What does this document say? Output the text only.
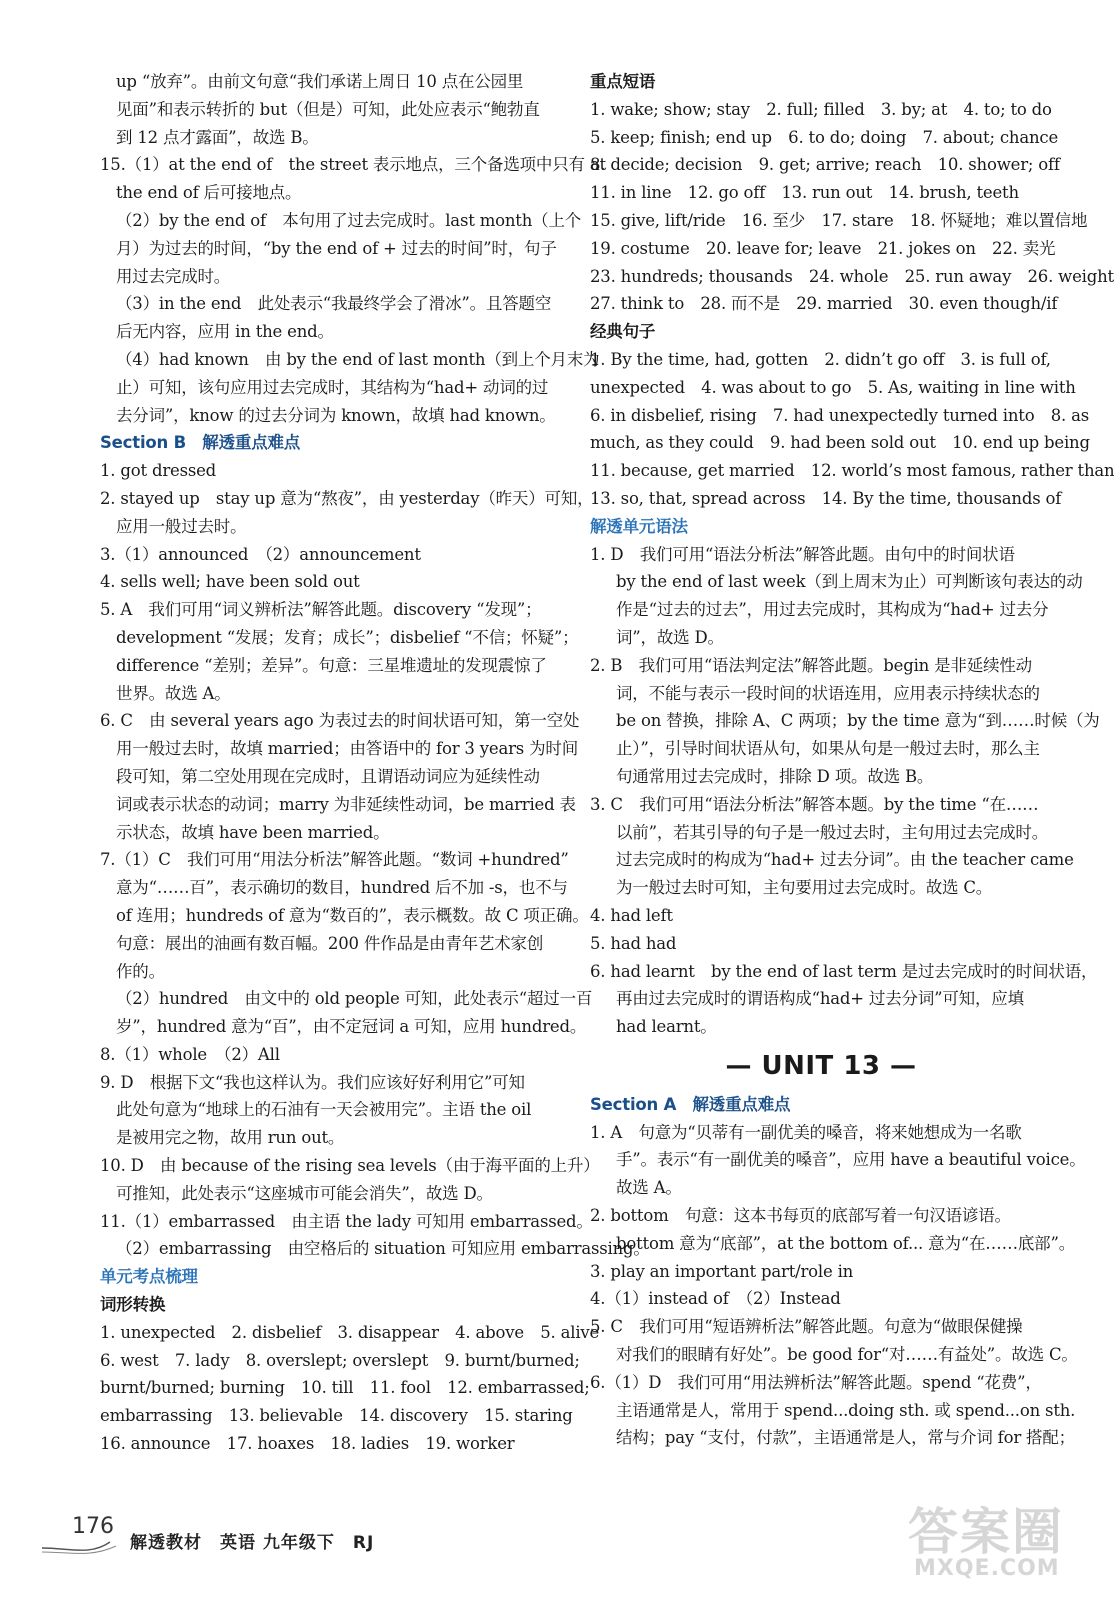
up “放弃”。由前文句意“我们承诺上周日 10 点在公园里
见面”和表示转折的 but（但是）可知，此处应表示“鲍勃直
到 12 点才露面”，故选 B。
15.（1）at the end of　the street 表示地点，三个备选项中只有 at
the end of 后可接地点。
（2）by the end of　本句用了过去完成时。last month（上个
月）为过去的时间，“by the end of + 过去的时间”时，句子
用过去完成时。
（3）in the end　此处表示“我最终学会了滑冰”。且答题空
后无内容，应用 in the end。
（4）had known　由 by the end of last month（到上个月末为
止）可知，该句应用过去完成时，其结构为“had+ 动词的过
去分词”，know 的过去分词为 known，故填 had known。
Section B　解透重点难点
1. got dressed
2. stayed up　stay up 意为“熬夜”，由 yesterday（昨天）可知，
应用一般过去时。
3.（1）announced　（2）announcement
4. sells well; have been sold out
5. A　我们可用“词义辨析法”解答此题。discovery “发现”；
development “发展；发育；成长”；disbelief “不信；怀疑”；
difference “差别；差异”。句意：三星堆遗址的发现震惊了
世界。故选 A。
6. C　由 several years ago 为表过去的时间状语可知，第一空处
用一般过去时，故填 married；由答语中的 for 3 years 为时间
段可知，第二空处用现在完成时，且谓语动词应为延续性动
词或表示状态的动词；marry 为非延续性动词，be married 表
示状态，故填 have been married。
7.（1）C　我们可用“用法分析法”解答此题。“数词 +hundred”
意为“……百”，表示确切的数目，hundred 后不加 -s，也不与
of 连用；hundreds of 意为“数百的”，表示概数。故 C 项正确。
句意：展出的油画有数百幅。200 件作品是由青年艺术家创
作的。
（2）hundred　由文中的 old people 可知，此处表示“超过一百
岁”，hundred 意为“百”，由不定冠词 a 可知，应用 hundred。
8.（1）whole　（2）All
9. D　根据下文“我也这样认为。我们应该好好利用它”可知
此处句意为“地球上的石油有一天会被用完”。主语 the oil
是被用完之物，故用 run out。
10. D　由 because of the rising sea levels（由于海平面的上升）
可推知，此处表示“这座城市可能会消失”，故选 D。
11.（1）embarrassed　由主语 the lady 可知用 embarrassed。
（2）embarrassing　由空格后的 situation 可知应用 embarrassing。
单元考点梳理
词形转换
1. unexpected　2. disbelief　3. disappear　4. above　5. alive
6. west　7. lady　8. overslept; overslept　9. burnt/burned;
burnt/burned; burning　10. till　11. fool　12. embarrassed;
embarrassing　13. believable　14. discovery　15. staring
16. announce　17. hoaxes　18. ladies　19. worker
重点短语
1. wake; show; stay　2. full; filled　3. by; at　4. to; to do
5. keep; finish; end up　6. to do; doing　7. about; chance
8. decide; decision　9. get; arrive; reach　10. shower; off
11. in line　12. go off　13. run out　14. brush, teeth
15. give, lift/ride　16. 至少　17. stare　18. 怀疑地；难以置信地
19. costume　20. leave for; leave　21. jokes on　22. 卖光
23. hundreds; thousands　24. whole　25. run away　26. weight
27. think to　28. 而不是　29. married　30. even though/if
经典句子
1. By the time, had, gotten　2. didn’t go off　3. is full of,
unexpected　4. was about to go　5. As, waiting in line with
6. in disbelief, rising　7. had unexpectedly turned into　8. as
much, as they could　9. had been sold out　10. end up being
11. because, get married　12. world’s most famous, rather than
13. so, that, spread across　14. By the time, thousands of
解透单元语法
1. D　我们可用“语法分析法”解答此题。由句中的时间状语
by the end of last week（到上周末为止）可判断该句表达的动
作是“过去的过去”，用过去完成时，其构成为“had+ 过去分
词”，故选 D。
2. B　我们可用“语法判定法”解答此题。begin 是非延续性动
词，不能与表示一段时间的状语连用，应用表示持续状态的
be on 替换，排除 A、C 两项；by the time 意为“到……时候（为
止）”，引导时间状语从句，如果从句是一般过去时，那么主
句通常用过去完成时，排除 D 项。故选 B。
3. C　我们可用“语法分析法”解答本题。by the time “在……
以前”，若其引导的句子是一般过去时，主句用过去完成时。
过去完成时的构成为“had+ 过去分词”。由 the teacher came
为一般过去时可知，主句要用过去完成时。故选 C。
4. had left
5. had had
6. had learnt　by the end of last term 是过去完成时的时间状语，
再由过去完成时的谓语构成“had+ 过去分词”可知，应填
had learnt。
— UNIT 13 —
Section A　解透重点难点
1. A　句意为“贝蒂有一副优美的嗓音，将来她想成为一名歌
手”。表示“有一副优美的嗓音”，应用 have a beautiful voice。
故选 A。
2. bottom　句意：这本书每页的底部写着一句汉语谚语。
bottom 意为“底部”，at the bottom of... 意为“在……底部”。
3. play an important part/role in
4.（1）instead of　（2）Instead
5. C　我们可用“短语辨析法”解答此题。句意为“做眼保健操
对我们的眼睛有好处”。be good for“对……有益处”。故选 C。
6.（1）D　我们可用“用法辨析法”解答此题。spend “花费”，
主语通常是人，常用于 spend...doing sth. 或 spend...on sth.
结构；pay “支付，付款”，主语通常是人，常与介词 for 搭配；
176
解透教材　英语 九年级下　RJ	答案圈
MXQE.COM
